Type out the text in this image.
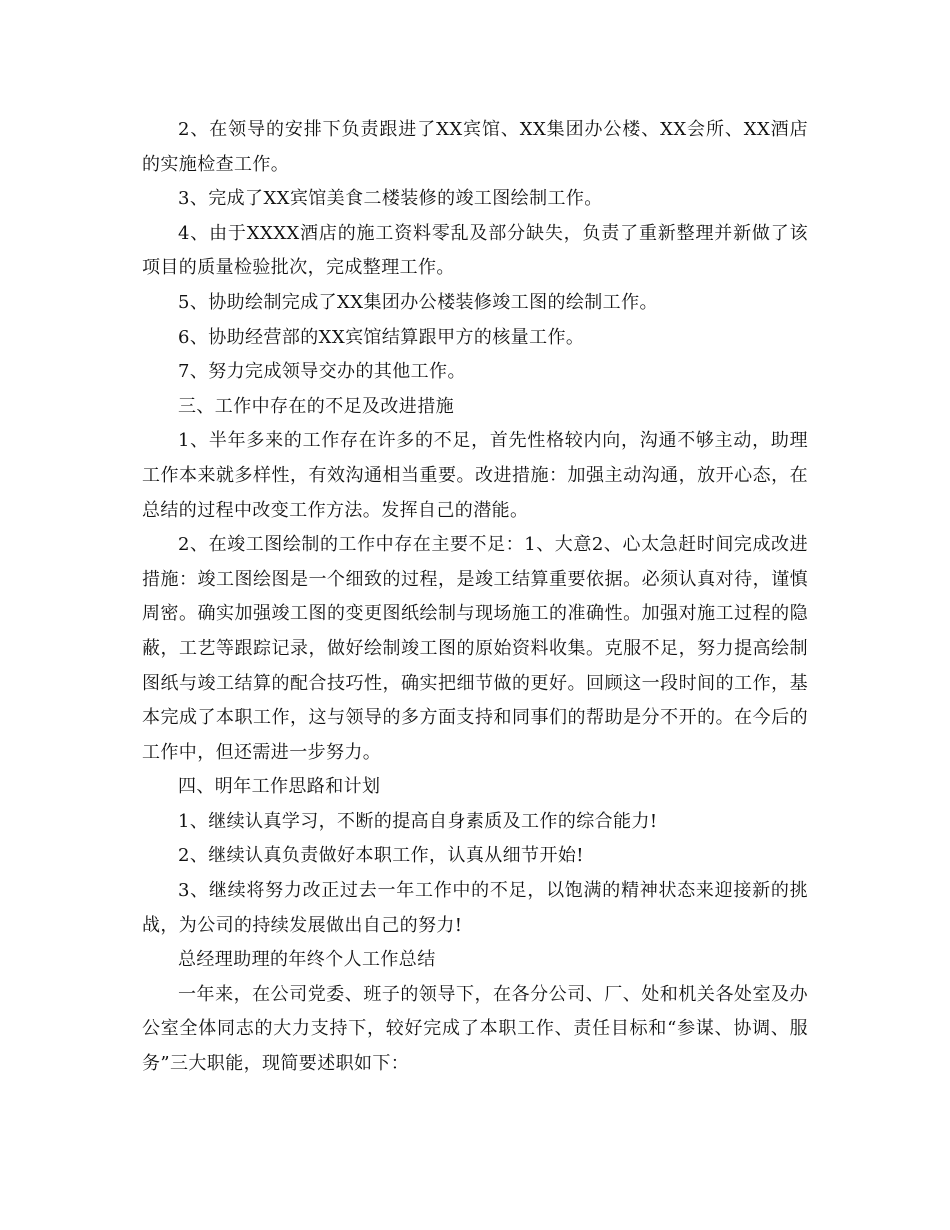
2、在领导的安排下负责跟进了XX宾馆、XX集团办公楼、XX会所、XX酒店的实施检查工作。

3、完成了XX宾馆美食二楼装修的竣工图绘制工作。

4、由于XXXX酒店的施工资料零乱及部分缺失，负责了重新整理并新做了该项目的质量检验批次，完成整理工作。

5、协助绘制完成了XX集团办公楼装修竣工图的绘制工作。

6、协助经营部的XX宾馆结算跟甲方的核量工作。

7、努力完成领导交办的其他工作。

三、工作中存在的不足及改进措施

1、半年多来的工作存在许多的不足，首先性格较内向，沟通不够主动，助理工作本来就多样性，有效沟通相当重要。改进措施：加强主动沟通，放开心态，在总结的过程中改变工作方法。发挥自己的潜能。

2、在竣工图绘制的工作中存在主要不足：1、大意2、心太急赶时间完成改进措施：竣工图绘图是一个细致的过程，是竣工结算重要依据。必须认真对待，谨慎周密。确实加强竣工图的变更图纸绘制与现场施工的准确性。加强对施工过程的隐蔽，工艺等跟踪记录，做好绘制竣工图的原始资料收集。克服不足，努力提高绘制图纸与竣工结算的配合技巧性，确实把细节做的更好。回顾这一段时间的工作，基本完成了本职工作，这与领导的多方面支持和同事们的帮助是分不开的。在今后的工作中，但还需进一步努力。

四、明年工作思路和计划

1、继续认真学习，不断的提高自身素质及工作的综合能力!

2、继续认真负责做好本职工作，认真从细节开始!

3、继续将努力改正过去一年工作中的不足，以饱满的精神状态来迎接新的挑战，为公司的持续发展做出自己的努力!

总经理助理的年终个人工作总结

一年来，在公司党委、班子的领导下，在各分公司、厂、处和机关各处室及办公室全体同志的大力支持下，较好完成了本职工作、责任目标和“参谋、协调、服务”三大职能，现简要述职如下：
